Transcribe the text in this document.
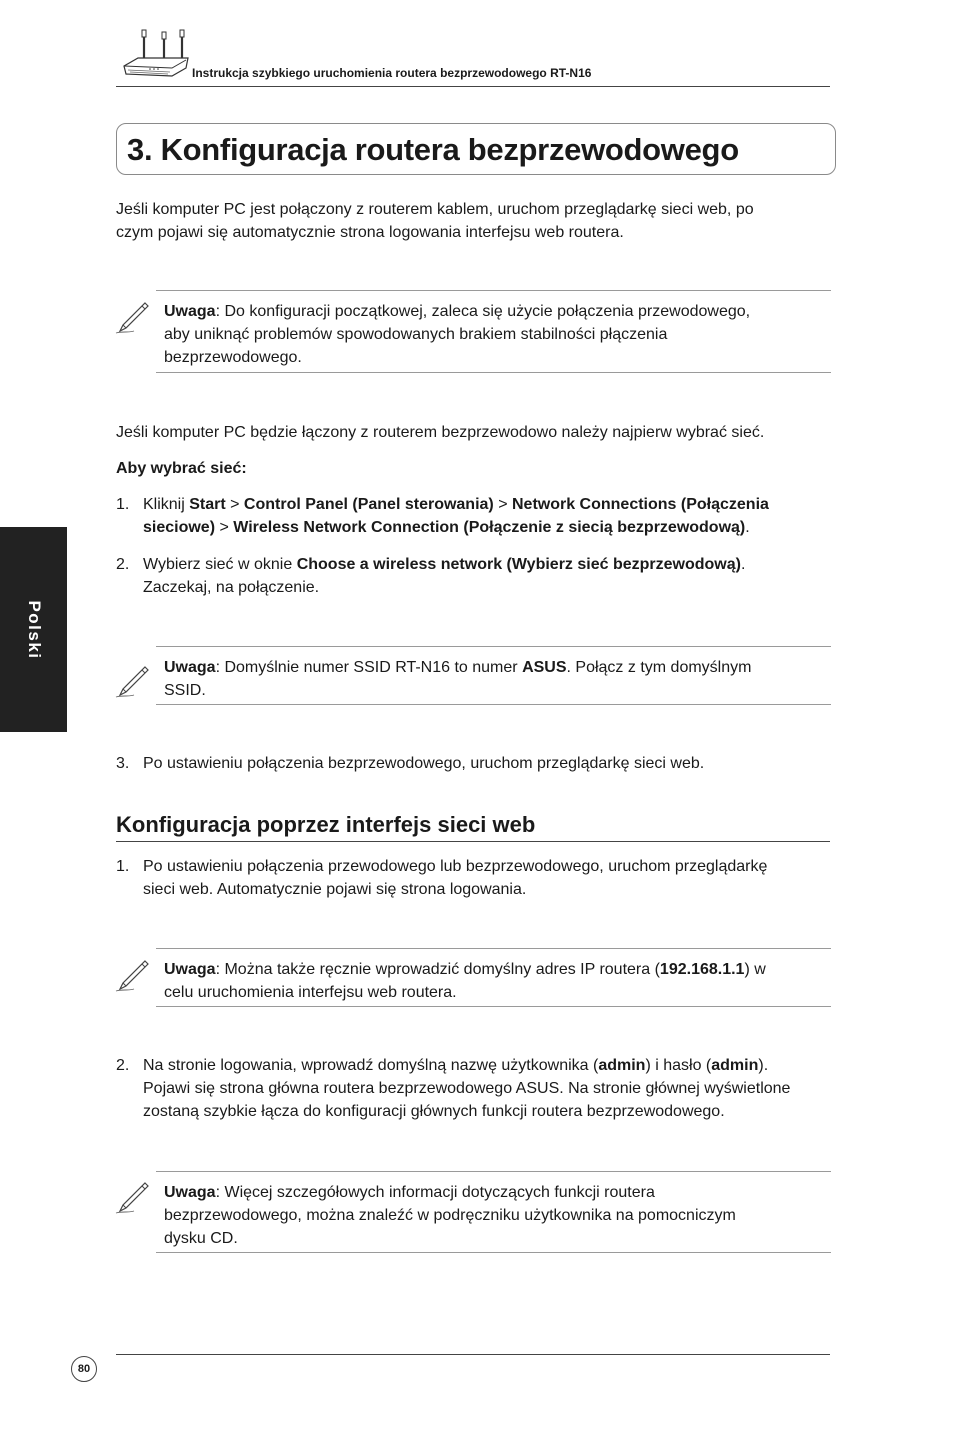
Instrukcja szybkiego uruchomienia routera bezprzewodowego RT-N16
3. Konfiguracja routera bezprzewodowego
Jeśli komputer PC jest połączony z routerem kablem, uruchom przeglądarkę sieci web, po
czym pojawi się automatycznie strona logowania interfejsu web routera.
Uwaga: Do konfiguracji początkowej, zaleca się użycie połączenia przewodowego,
aby uniknąć problemów spowodowanych brakiem stabilności płączenia
bezprzewodowego.
Jeśli komputer PC będzie łączony z routerem bezprzewodowo należy najpierw wybrać sieć.
Aby wybrać sieć:
1. Kliknij Start > Control Panel (Panel sterowania) > Network Connections (Połączenia
sieciowe) > Wireless Network Connection (Połączenie z siecią bezprzewodową).
2. Wybierz sieć w oknie Choose a wireless network (Wybierz sieć bezprzewodową).
Zaczekaj, na połączenie.
Polski
Uwaga: Domyślnie numer SSID RT-N16 to numer ASUS. Połącz z tym domyślnym
SSID.
3. Po ustawieniu połączenia bezprzewodowego, uruchom przeglądarkę sieci web.
Konfiguracja poprzez interfejs sieci web
1. Po ustawieniu połączenia przewodowego lub bezprzewodowego, uruchom przeglądarkę
sieci web. Automatycznie pojawi się strona logowania.
Uwaga: Można także ręcznie wprowadzić domyślny adres IP routera (192.168.1.1) w
celu uruchomienia interfejsu web routera.
2. Na stronie logowania, wprowadź domyślną nazwę użytkownika (admin) i hasło (admin).
Pojawi się strona główna routera bezprzewodowego ASUS. Na stronie głównej wyświetlone
zostaną szybkie łącza do konfiguracji głównych funkcji routera bezprzewodowego.
Uwaga: Więcej szczegółowych informacji dotyczących funkcji routera
bezprzewodowego, można znaleźć w podręczniku użytkownika na pomocniczym
dysku CD.
80
